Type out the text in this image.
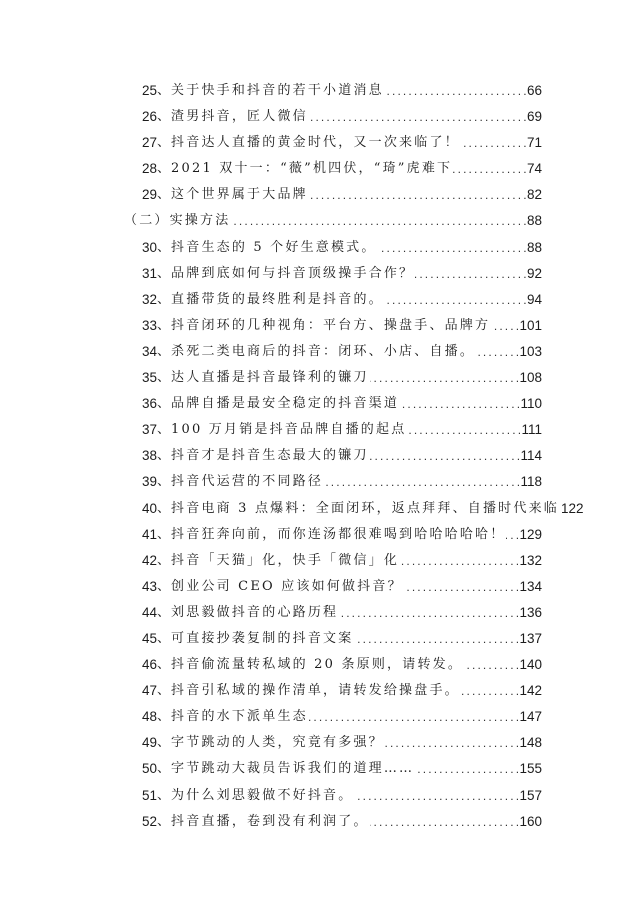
25 、 关于快手和抖音的若干小道消息 . . .	66
26 、 渣男抖音，匠人微信 . . .	69
27 、 抖音达人直播的黄金时代，又一次来临了！ . . .	71
28 、 2021 双十一：“薇”机四伏，“琦”虎难下 . . .	74
29 、 这个世界属于大品牌 . . .	82
（二）实操方法 . . .	88
30 、 抖音生态的 5 个好生意模式。 . . .	88
31 、 品牌到底如何与抖音顶级操手合作？ . . .	92
32 、 直播带货的最终胜利是抖音的。 . . .	94
33 、 抖音闭环的几种视角：平台方、操盘手、品牌方 . . . 101
34 、 杀死二类电商后的抖音：闭环、小店、自播。 . . .	103
35 、 达人直播是抖音最锋利的镰刀 . . .	108
36 、 品牌自播是最安全稳定的抖音渠道 . . .	110
37 、 100 万月销是抖音品牌自播的起点 . . .	111
38 、 抖音才是抖音生态最大的镰刀 . . .	114
39 、 抖音代运营的不同路径 . . .	118
40 、 抖音电商 3 点爆料：全面闭环，返点拜拜、自播时代来临 122
41 、 抖音狂奔向前，而你连汤都很难喝到哈哈哈哈哈！ . . . 129
42 、 抖音「天猫」化，快手「微信」化 . . .	132
43 、 创业公司 CEO 应该如何做抖音？ . . .	134
44 、 刘思毅做抖音的心路历程 . . .	136
45 、 可直接抄袭复制的抖音文案 . . .	137
46 、 抖音偷流量转私域的 20 条原则，请转发。 . . .	140
47 、 抖音引私域的操作清单，请转发给操盘手。 . . .	142
48 、 抖音的水下派单生态 . . .	147
49 、 字节跳动的人类，究竟有多强？ . . .	148
50 、 字节跳动大裁员告诉我们的道理…… . . .	155
51 、 为什么刘思毅做不好抖音。 . . .	157
52 、 抖音直播，卷到没有利润了。 . . .	160
